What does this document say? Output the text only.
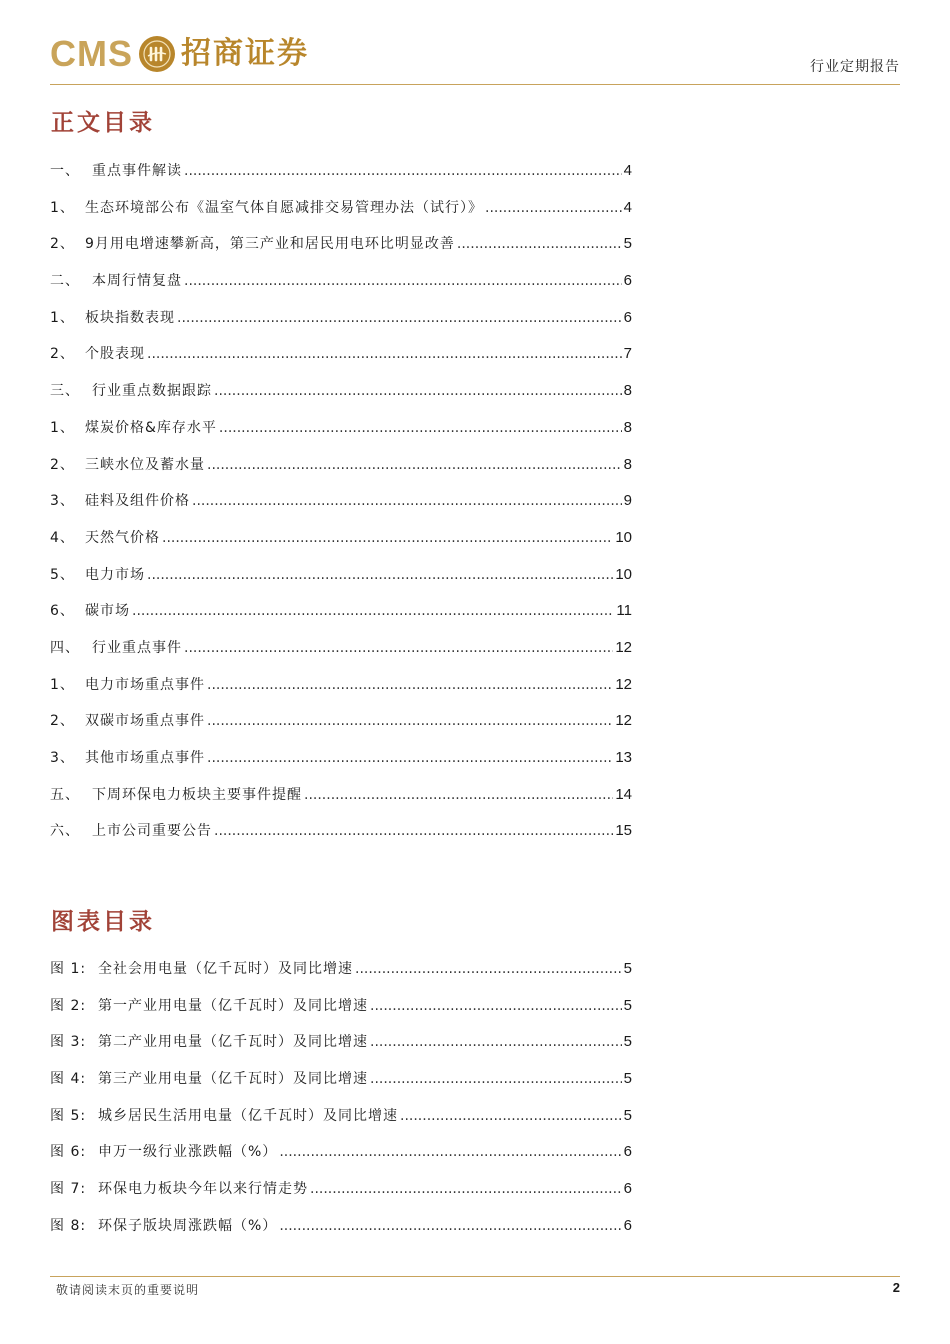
CMS 招商证券	行业定期报告
正文目录
一、 重点事件解读 .....	4
1、 生态环境部公布《温室气体自愿减排交易管理办法（试行）》 .....	4
2、 9月用电增速攀新高，第三产业和居民用电环比明显改善 .....	5
二、 本周行情复盘 .....	6
1、 板块指数表现 .....	6
2、 个股表现 .....	7
三、 行业重点数据跟踪 .....	8
1、 煤炭价格&库存水平 .....	8
2、 三峡水位及蓄水量 .....	8
3、 硅料及组件价格 .....	9
4、 天然气价格 .....	10
5、 电力市场 .....	10
6、 碳市场 .....	11
四、 行业重点事件 .....	12
1、 电力市场重点事件 .....	12
2、 双碳市场重点事件 .....	12
3、 其他市场重点事件 .....	13
五、 下周环保电力板块主要事件提醒 .....	14
六、 上市公司重要公告 .....	15
图表目录
图 1: 全社会用电量（亿千瓦时）及同比增速 .....	5
图 2: 第一产业用电量（亿千瓦时）及同比增速 .....	5
图 3: 第二产业用电量（亿千瓦时）及同比增速 .....	5
图 4: 第三产业用电量（亿千瓦时）及同比增速 .....	5
图 5: 城乡居民生活用电量（亿千瓦时）及同比增速 .....	5
图 6: 申万一级行业涨跌幅（%） .....	6
图 7: 环保电力板块今年以来行情走势 .....	6
图 8: 环保子版块周涨跌幅（%） .....	6
敬请阅读末页的重要说明	2
